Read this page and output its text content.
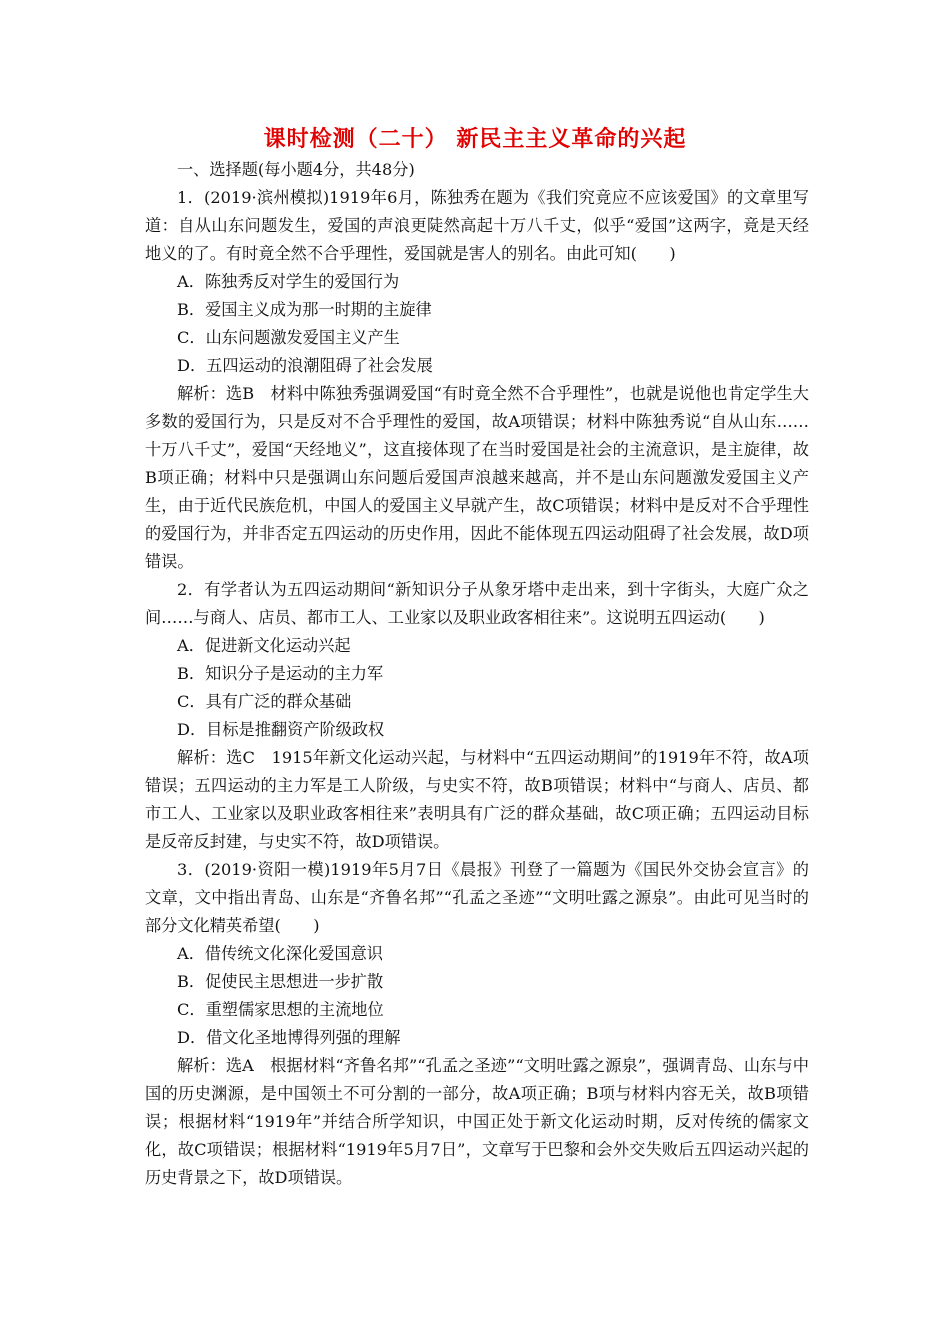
课时检测（二十） 新民主主义革命的兴起
一、选择题(每小题4分，共48分)
1．(2019·滨州模拟)1919年6月，陈独秀在题为《我们究竟应不应该爱国》的文章里写道：自从山东问题发生，爱国的声浪更陡然高起十万八千丈，似乎“爱国”这两字，竟是天经地义的了。有时竟全然不合乎理性，爱国就是害人的别名。由此可知(　　)
A．陈独秀反对学生的爱国行为
B．爱国主义成为那一时期的主旋律
C．山东问题激发爱国主义产生
D．五四运动的浪潮阻碍了社会发展
解析：选B　材料中陈独秀强调爱国“有时竟全然不合乎理性”，也就是说他也肯定学生大多数的爱国行为，只是反对不合乎理性的爱国，故A项错误；材料中陈独秀说“自从山东……十万八千丈”，爱国“天经地义”，这直接体现了在当时爱国是社会的主流意识，是主旋律，故B项正确；材料中只是强调山东问题后爱国声浪越来越高，并不是山东问题激发爱国主义产生，由于近代民族危机，中国人的爱国主义早就产生，故C项错误；材料中是反对不合乎理性的爱国行为，并非否定五四运动的历史作用，因此不能体现五四运动阻碍了社会发展，故D项错误。
2．有学者认为五四运动期间“新知识分子从象牙塔中走出来，到十字街头，大庭广众之间……与商人、店员、都市工人、工业家以及职业政客相往来”。这说明五四运动(　　)
A．促进新文化运动兴起
B．知识分子是运动的主力军
C．具有广泛的群众基础
D．目标是推翻资产阶级政权
解析：选C　1915年新文化运动兴起，与材料中“五四运动期间”的1919年不符，故A项错误；五四运动的主力军是工人阶级，与史实不符，故B项错误；材料中“与商人、店员、都市工人、工业家以及职业政客相往来”表明具有广泛的群众基础，故C项正确；五四运动目标是反帝反封建，与史实不符，故D项错误。
3．(2019·资阳一模)1919年5月7日《晨报》刊登了一篇题为《国民外交协会宣言》的文章，文中指出青岛、山东是“齐鲁名邦”“孔孟之圣迹”“文明吐露之源泉”。由此可见当时的部分文化精英希望(　　)
A．借传统文化深化爱国意识
B．促使民主思想进一步扩散
C．重塑儒家思想的主流地位
D．借文化圣地博得列强的理解
解析：选A　根据材料“齐鲁名邦”“孔孟之圣迹”“文明吐露之源泉”，强调青岛、山东与中国的历史渊源，是中国领土不可分割的一部分，故A项正确；B项与材料内容无关，故B项错误；根据材料“1919年”并结合所学知识，中国正处于新文化运动时期，反对传统的儒家文化，故C项错误；根据材料“1919年5月7日”，文章写于巴黎和会外交失败后五四运动兴起的历史背景之下，故D项错误。
